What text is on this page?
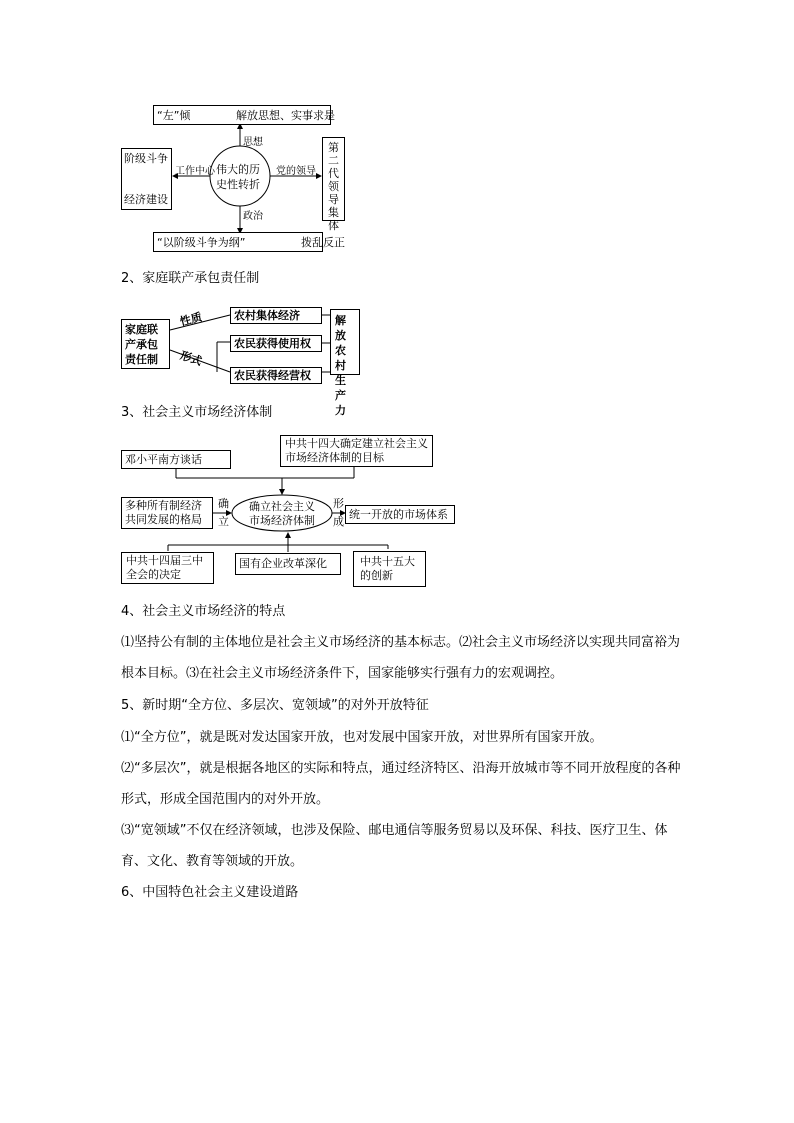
“左”倾	解放思想、实事求是
阶级斗争
经济建设
伟大的历
史性转折
思想
工作中心	党的领导
政治
第二代领导集体
“以阶级斗争为纲”	拨乱反正
2、家庭联产承包责任制
家庭联产承包责任制
性质
形式
农村集体经济
农民获得使用权
农民获得经营权
解放农村生产力
3、社会主义市场经济体制
邓小平南方谈话
中共十四大确定建立社会主义市场经济体制的目标
多种所有制经济共同发展的格局
确
立
确立社会主义
市场经济体制
形
成
统一开放的市场体系
中共十四届三中全会的决定
国有企业改革深化	中共十五大的创新
4、社会主义市场经济的特点
⑴坚持公有制的主体地位是社会主义市场经济的基本标志。⑵社会主义市场经济以实现共同富裕为根本目标。⑶在社会主义市场经济条件下，国家能够实行强有力的宏观调控。
5、新时期“全方位、多层次、宽领域”的对外开放特征
⑴“全方位”，就是既对发达国家开放，也对发展中国家开放，对世界所有国家开放。
⑵“多层次”，就是根据各地区的实际和特点，通过经济特区、沿海开放城市等不同开放程度的各种形式，形成全国范围内的对外开放。
⑶“宽领域”不仅在经济领域，也涉及保险、邮电通信等服务贸易以及环保、科技、医疗卫生、体育、文化、教育等领域的开放。
6、中国特色社会主义建设道路
